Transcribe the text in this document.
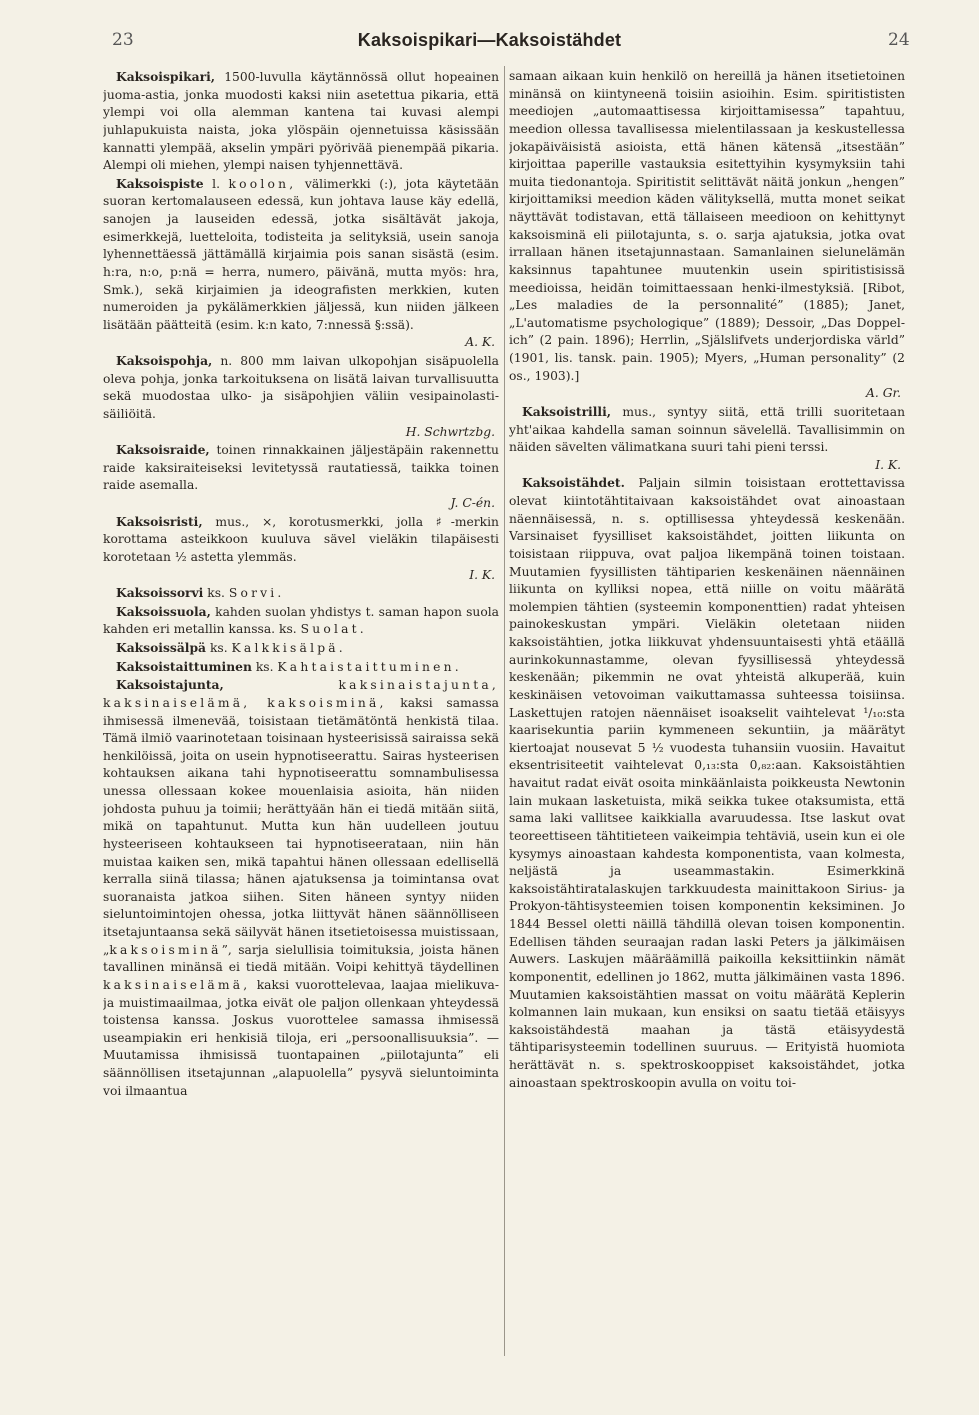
23	Kaksoispikari—Kaksoistähdet	24

Kaksoispikari, 1500-luvulla käytännössä ollut hopeainen juoma-astia, jonka muodosti kaksi niin asetettua pikaria, että ylempi voi olla alemman kantena tai kuvasi alempi juhlapukuista naista, joka ylöspäin ojennetuissa käsissään kannatti ylempää, akselin ympäri pyörivää pienempää pikaria. Alempi oli miehen, ylempi naisen tyhjennettävä.

Kaksoispiste l. koolon, välimerkki (:), jota käytetään suoran kertomalauseen edessä, kun johtava lause käy edellä, sanojen ja lauseiden edessä, jotka sisältävät jakoja, esimerkkejä, luetteloita, todisteita ja selityksiä, usein sanoja lyhennettäessä jättämällä kirjaimia pois sanan sisästä (esim. h:ra, n:o, p:nä = herra, numero, päivänä, mutta myös: hra, Smk.), sekä kirjaimien ja ideografisten merkkien, kuten numeroiden ja pykälämerkkien jäljessä, kun niiden jälkeen lisätään päätteitä (esim. k:n kato, 7:nnessä §:ssä).

A. K.

Kaksoispohja, n. 800 mm laivan ulkopohjan sisäpuolella oleva pohja, jonka tarkoituksena on lisätä laivan turvallisuutta sekä muodostaa ulko- ja sisäpohjien väliin vesipainolasti-säiliöitä.

H. Schwrtzbg.

Kaksoisraide, toinen rinnakkainen jäljestäpäin rakennettu raide kaksiraiteiseksi levitetyssä rautatiessä, taikka toinen raide asemalla.

J. C-én.

Kaksoisristi, mus., ×, korotusmerkki, jolla ♯-merkin korottama asteikkoon kuuluva sävel vieläkin tilapäisesti korotetaan ½ astetta ylemmäs.

I. K.

Kaksoissorvi ks. Sorvi.

Kaksoissuola, kahden suolan yhdistys t. saman hapon suola kahden eri metallin kanssa. ks. Suolat.

Kaksoissälpä ks. Kalkkisälpä.

Kaksoistaittuminen ks. Kahtaistaittuminen.

Kaksoistajunta,	kaksinaistajunta, kaksinaiselämä, kaksoisminä, kaksi samassa ihmisessä ilmenevää, toisistaan tietämätöntä henkistä tilaa. Tämä ilmiö vaarinotetaan toisinaan hysteerisissä sairaissa sekä henkilöissä, joita on usein hypnotiseerattu. Sairas hysteerisen kohtauksen aikana tahi hypnotiseerattu somnambulisessa unessa ollessaan kokee mouenlaisia asioita, hän niiden johdosta puhuu ja toimii; herättyään hän ei tiedä mitään siitä, mikä on tapahtunut. Mutta kun hän uudelleen joutuu hysteeriseen kohtaukseen tai hypnotiseerataan, niin hän muistaa kaiken sen, mikä tapahtui hänen ollessaan edellisellä kerralla siinä tilassa; hänen ajatuksensa ja toimintansa ovat suoranaista jatkoa siihen. Siten häneen syntyy niiden sieluntoimintojen ohessa, jotka liittyvät hänen säännölliseen itsetajuntaansa sekä säilyvät hänen itsetietoisessa muistissaan, „kaksoisminä”, sarja sielullisia toimituksia, joista hänen tavallinen minänsä ei tiedä mitään. Voipi kehittyä täydellinen kaksinaiselämä, kaksi vuorottelevaa, laajaa mielikuva- ja muistimaailmaa, jotka eivät ole paljon ollenkaan yhteydessä toistensa kanssa. Joskus vuorottelee samassa ihmisessä useampiakin eri henkisiä tiloja, eri „persoonallisuuksia”. — Muutamissa ihmisissä tuontapainen „piilotajunta” eli säännöllisen itsetajunnan „alapuolella” pysyvä sieluntoiminta voi ilmaantua

samaan aikaan kuin henkilö on hereillä ja hänen itsetietoinen minänsä on kiintyneenä toisiin asioihin. Esim. spiritististen meediojen „automaattisessa kirjoittamisessa” tapahtuu, meedion ollessa tavallisessa mielentilassaan ja keskustellessa jokapäiväisistä asioista, että hänen kätensä „itsestään” kirjoittaa paperille vastauksia esitettyihin kysymyksiin tahi muita tiedonantoja. Spiritistit selittävät näitä jonkun „hengen” kirjoittamiksi meedion käden välityksellä, mutta monet seikat näyttävät todistavan, että tällaiseen meedioon on kehittynyt kaksoisminä eli piilotajunta, s. o. sarja ajatuksia, jotka ovat irrallaan hänen itsetajunnastaan. Samanlainen sielunelämän kaksinnus tapahtunee muutenkin usein spiritistisissä meedioissa, heidän toimittaessaan henki-ilmestyksiä. [Ribot, „Les maladies de la personnalité” (1885); Janet, „L'automatisme psychologique” (1889); Dessoir, „Das Doppel-ich” (2 pain. 1896); Herrlin, „Själslifvets underjordiska värld” (1901, lis. tansk. pain. 1905); Myers, „Human personality” (2 os., 1903).]

A. Gr.

Kaksoistrilli, mus., syntyy siitä, että trilli suoritetaan yht'aikaa kahdella saman soinnun sävelellä. Tavallisimmin on näiden sävelten välimatkana suuri tahi pieni terssi.

I. K.

Kaksoistähdet. Paljain silmin toisistaan erottettavissa olevat kiintotähtitaivaan kaksoistähdet ovat ainoastaan näennäisessä, n. s. optillisessa yhteydessä keskenään. Varsinaiset fyysilliset kaksoistähdet, joitten liikunta on toisistaan riippuva, ovat paljoa likempänä toinen toistaan. Muutamien fyysillisten tähtiparien keskenäinen näennäinen liikunta on kylliksi nopea, että niille on voitu määrätä molempien tähtien (systeemin komponenttien) radat yhteisen painokeskustan ympäri. Vieläkin oletetaan niiden kaksoistähtien, jotka liikkuvat yhdensuuntaisesti yhtä etäällä aurinkokunnastamme, olevan fyysillisessä yhteydessä keskenään; pikemmin ne ovat yhteistä alkuperää, kuin keskinäisen vetovoiman vaikuttamassa suhteessa toisiinsa. Laskettujen ratojen näennäiset isoakselit vaihtelevat ¹/₁₀:sta kaarisekuntia pariin kymmeneen sekuntiin, ja määrätyt kiertoajat nousevat 5 ½ vuodesta tuhansiin vuosiin. Havaitut eksentrisiteetit vaihtelevat 0,₁₃:sta 0,₈₂:aan. Kaksoistähtien havaitut radat eivät osoita minkäänlaista poikkeusta Newtonin lain mukaan lasketuista, mikä seikka tukee otaksumista, että sama laki vallitsee kaikkialla avaruudessa. Itse laskut ovat teoreettiseen tähtitieteen vaikeimpia tehtäviä, usein kun ei ole kysymys ainoastaan kahdesta komponentista, vaan kolmesta, neljästä ja useammastakin. Esimerkkinä kaksoistähtiratalaskujen tarkkuudesta mainittakoon Sirius- ja Prokyon-tähtisysteemien toisen komponentin keksiminen. Jo 1844 Bessel oletti näillä tähdillä olevan toisen komponentin. Edellisen tähden seuraajan radan laski Peters ja jälkimäisen Auwers. Laskujen määräämillä paikoilla keksittiinkin nämät komponentit, edellinen jo 1862, mutta jälkimäinen vasta 1896. Muutamien kaksoistähtien massat on voitu määrätä Keplerin kolmannen lain mukaan, kun ensiksi on saatu tietää etäisyys kaksoistähdestä maahan ja tästä etäisyydestä tähtiparisysteemin todellinen suuruus. — Erityistä huomiota herättävät n. s. spektroskooppiset kaksoistähdet, jotka ainoastaan spektroskoopin avulla on voitu toi-
